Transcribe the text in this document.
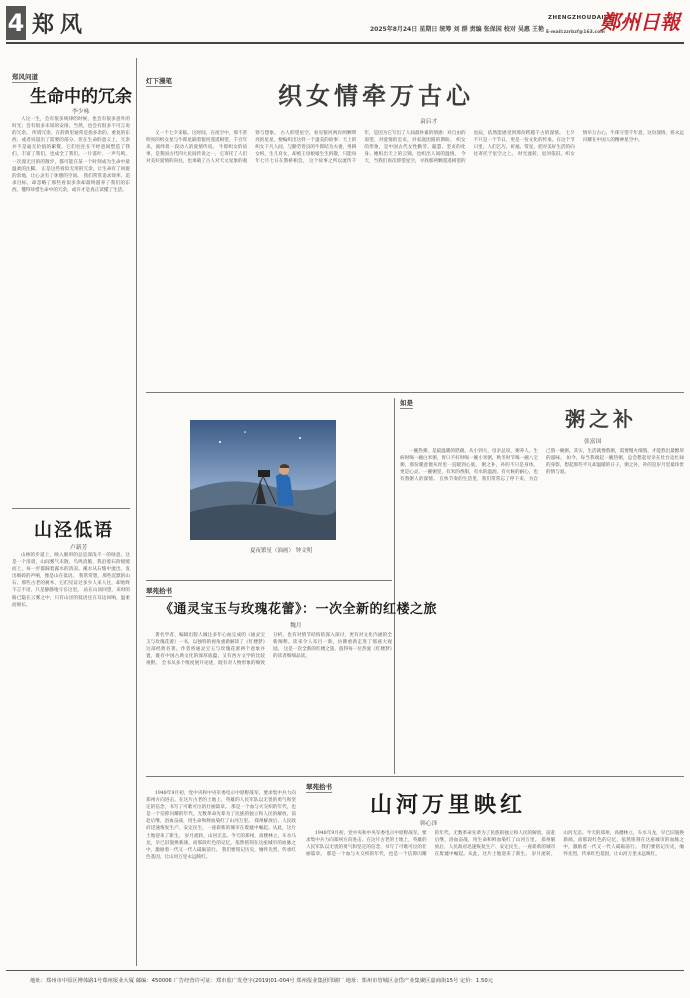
4 郑风	2025年8月24日 星期日 统筹 刘 群 责编 张保国 校对 吴惠 王艳
ZHENGZHOUDAILY
鄭州日報
E-mail:zzrbzf@163.com
郑风问道
生命中的冗余
李少咏
人这一生，会有很多规律的时候，也会有很多意外的时光；会有很多未知的安排，当然，也会有很多不可言说的冗余。 所谓冗余，在辞典里通常是指多余的、重复的东西，或者说超出了需要的部分。但在生命的意义上，冗余并不是毫无价值的累赘，它们往往在不经意间塑造了我们，丰富了我们，也成全了我们。一片落叶、一声鸟鸣、一次漫无目的的散步，都可能在某一个时刻成为生命中最温柔的注脚。 正是这些看似无用的冗余，让生命有了回旋的余地，让心灵有了休憩的空间。 我们常常追求效率，追求目标，却忽略了那些看似多余却最终滋养了我们的东西。懂得珍惜生命中的冗余，或许才是真正读懂了生活。
山泾低语
卢新芳
山林的步道上，映入眼帘的总是深浅不一的绿意。这是一个清晨，山间雾气未散，鸟鸣清脆，我沿着石阶缓缓而上，每一步都踩着露水的清凉。溪水从石缝中流出，发出细碎的声响，像是山在低语。 我常常想，那些沉默的山石、那些古老的树木，它们见证过多少人来人往，却始终不言不语，只是静静地守在这里。 站在山顶回望，来时的路已隐在云雾之中，只有山泾的低语还在耳边回响，温柔而绵长。
灯下漫笔
织女情牵万古心
袁启才
又一个七夕来临。这时间，在夜空中，那不甚明亮的织女星与牛郎星隔着银河遥遥相望，千百年来，演绎着一段动人的爱情传说。 牛郎织女的故事，是我国古代四大民间传说之一，它寄托了人们对美好爱情的向往，也承载了古人对天文星象的观察与想象。 古人仰望星空，看见银河两岸两颗明亮的星星，便编织出这样一个凄美的故事：天上的织女下凡人间，与勤劳善良的牛郎结为夫妻，男耕女织，生儿育女，却被王母娘娘生生拆散，只能每年七月七日在鹊桥相会。 这个故事之所以流传千年，是因为它写出了人间最朴素的情感：对自由的渴望，对爱情的忠贞，对家庭团圆的期盼。 织女的形象，是中国古代女性勤劳、聪慧、坚贞的化身。她织出天上的云锦，也织出人间的温情。 今天，当我们再次仰望星空，寻找那两颗遥遥相望的星辰，依然能感受到那份跨越千古的深情。 七夕不只是一个节日，更是一份文化的传承。在这个节日里，人们乞巧、祈福、赏星，把对美好生活的向往寄托于星空之上。 时光流转，星河依旧。织女情牵万古心，牛郎守望千年意，这份深情，将永远闪耀在中国人的精神星空中。
夏夜繁星（油画） 钟文明
如是
粥之补
张富国
一碗热粥，是最温暖的慰藉。从小到大，母亲总说，粥养人。生病时喝一碗白米粥，胃口不好时喝一碗小米粥，秋冬时节喝一碗八宝粥，那份暖意便从胃里一直暖到心底。 粥之补，补的不只是身体，更是心灵。一碗粥里，有米的香甜，有水的温润，有火候的耐心，也有熬粥人的深情。 在快节奏的生活里，我们常常忘了停下来，为自己熬一碗粥。其实，生活就像熬粥，需要慢火细熬，才能熬出最醇厚的滋味。 如今，每当我端起一碗热粥，总会想起母亲在灶台边忙碌的身影，想起那些平凡却温暖的日子。粥之补，补的是岁月里最珍贵的情与爱。
翠苑拾书
《通灵宝玉与玫瑰花蕾》：一次全新的红楼之旅
魏月
著名学者、编辑出版人倾注多年心血完成的《通灵宝玉与玫瑰花蕾》一书，以独特的视角重新解读了《红楼梦》这部经典名著。作者将通灵宝玉与玫瑰花蕾两个意象并置，既有中国古典文化的深厚底蕴，又有西方文学的比较视野。 全书从多个维度展开论述，既有对人物形象的细致分析，也有对情节结构的深入探讨，更有对文化内涵的全新阐释。读来令人耳目一新，仿佛重新走进了那座大观园。 这是一次全新的红楼之旅，值得每一位热爱《红楼梦》的读者细细品读。
翠苑拾书
山河万里映红
韩心泽
1948年9月初，党中央和中央军委电示中原野战军，要求集中兵力向郑州方向进击。在这片古老的土地上，英雄的人民军队以无畏的勇气和坚定的信念，书写了可歌可泣的壮丽篇章。 那是一个血与火交织的年代，也是一个信仰闪耀的年代。无数革命先辈为了民族的独立和人民的解放，前赴后继，浴血奋战，用生命和鲜血染红了山河万里。 郑州解放后，人民政府迅速恢复生产、安定民生，一座崭新的城市在废墟中崛起。从此，这片土地迎来了新生。 岁月流转，山河无恙。今天的郑州，高楼林立，车水马龙，早已旧貌换新颜。而那段红色的记忆，依然铭刻在这座城市的血脉之中，激励着一代又一代人砥砺前行。 我们要铭记历史，缅怀先烈，传承红色基因，让山河万里永远映红。
1948年9月初，党中央和中央军委电示中原野战军，要求集中兵力向郑州方向进击。在这片古老的土地上，英雄的人民军队以无畏的勇气和坚定的信念，书写了可歌可泣的壮丽篇章。 那是一个血与火交织的年代，也是一个信仰闪耀的年代。无数革命先辈为了民族的独立和人民的解放，前赴后继，浴血奋战，用生命和鲜血染红了山河万里。 郑州解放后，人民政府迅速恢复生产、安定民生，一座崭新的城市在废墟中崛起。从此，这片土地迎来了新生。 岁月流转，山河无恙。今天的郑州，高楼林立，车水马龙，早已旧貌换新颜。而那段红色的记忆，依然铭刻在这座城市的血脉之中，激励着一代又一代人砥砺前行。 我们要铭记历史，缅怀先烈，传承红色基因，让山河万里永远映红。
地址：郑州市中原区博体路1号郑州报业大厦 邮编：450006 广告经营许可证：郑市监广发登字(2019)01-004号 郑州报业集团印刷厂 地址：郑州市管城区金岱产业集聚区嘉商街15号 定价：1.50元
